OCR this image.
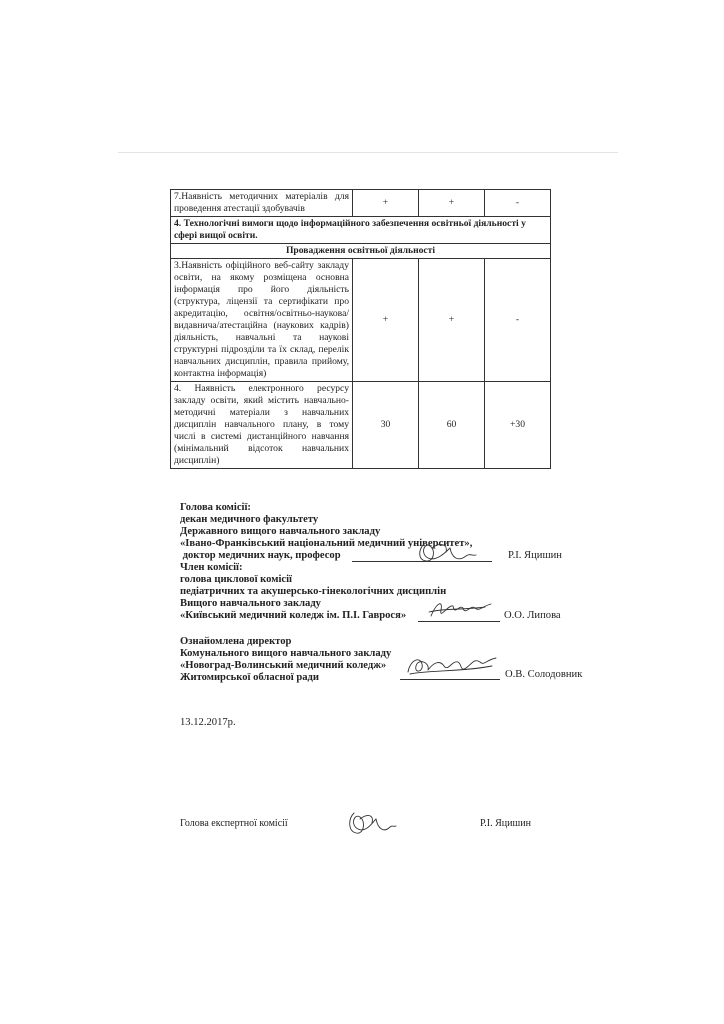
7.Наявність методичних матеріалів для проведення атестації здобувачів	+	+	-
4. Технологічні вимоги щодо інформаційного забезпечення освітньої діяльності у сфері вищої освіти.			
Провадження освітньої діяльності			
3.Наявність офіційного веб-сайту закладу освіти, на якому розміщена основна інформація про його діяльність (структура, ліцензії та сертифікати про акредитацію, освітня/освітньо-наукова/ видавнича/атестаційна (наукових кадрів) діяльність, навчальні та наукові структурні підрозділи та їх склад, перелік навчальних дисциплін, правила прийому, контактна інформація)	+	+	-
4. Наявність електронного ресурсу закладу освіти, який містить навчально-методичні матеріали з навчальних дисциплін навчального плану, в тому числі в системі дистанційного навчання (мінімальний відсоток навчальних дисциплін)	30	60	+30
Голова комісії:
декан медичного факультету
Державного вищого навчального закладу
«Івано-Франківський національний медичний університет»,
доктор медичних наук, професор	Р.І. Яцишин
Член комісії:
голова циклової комісії
педіатричних та акушерсько-гінекологічних дисциплін
Вищого навчального закладу
«Київський медичний коледж ім. П.І. Гаврося»	О.О. Липова
Ознайомлена директор
Комунального вищого навчального закладу
«Новоград-Волинський медичний коледж»
Житомирської обласної ради	О.В. Солодовник
13.12.2017р.
Голова експертної комісії	Р.І. Яцишин
